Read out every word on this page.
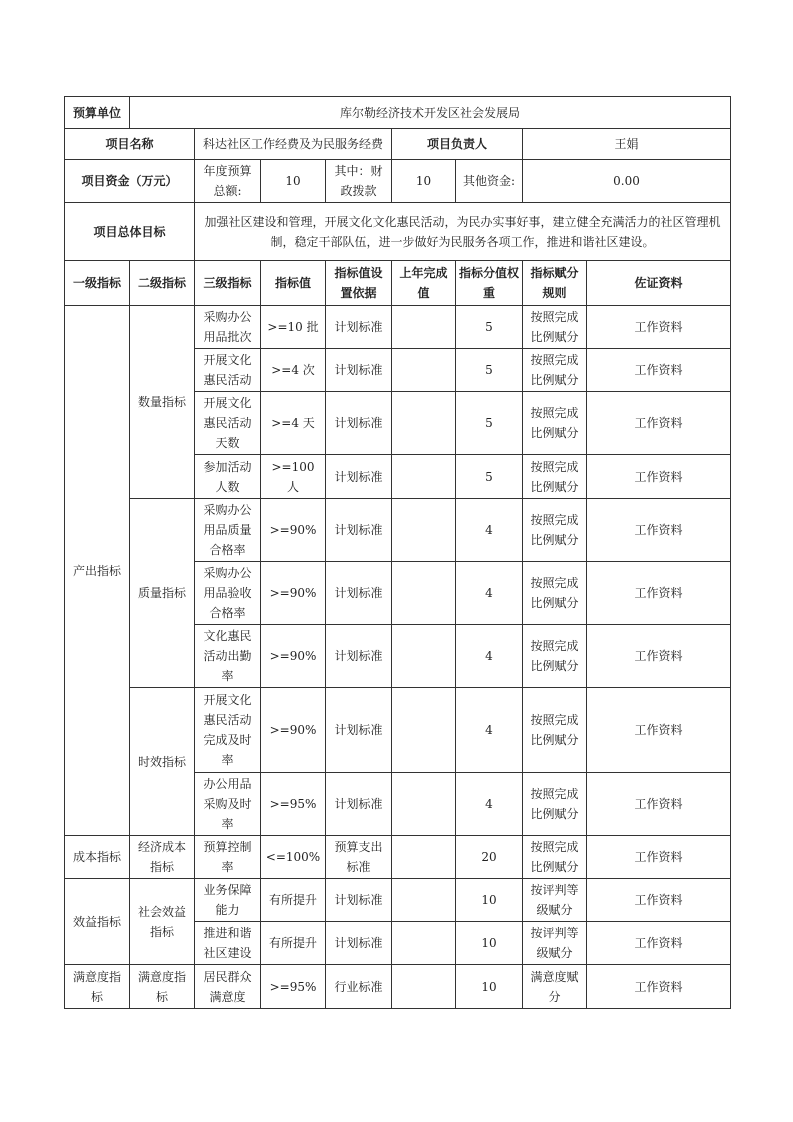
预算单位	库尔勒经济技术开发区社会发展局							
项目名称		科达社区工作经费及为民服务经费			项目负责人		王娟	
项目资金（万元）		年度预算总额:	10	其中：财政拨款	10	其他资金:	0.00	
项目总体目标		加强社区建设和管理，开展文化文化惠民活动，为民办实事好事，建立健全充满活力的社区管理机制，稳定干部队伍，进一步做好为民服务各项工作，推进和谐社区建设。						
一级指标	二级指标	三级指标	指标值	指标值设置依据	上年完成值	指标分值权重	指标赋分规则	佐证资料
产出指标	数量指标	采购办公用品批次	>=10 批	计划标准		5	按照完成比例赋分	工作资料
		开展文化惠民活动	>=4 次	计划标准		5	按照完成比例赋分	工作资料
		开展文化惠民活动天数	>=4 天	计划标准		5	按照完成比例赋分	工作资料
		参加活动人数	>=100 人	计划标准		5	按照完成比例赋分	工作资料
	质量指标	采购办公用品质量合格率	>=90%	计划标准		4	按照完成比例赋分	工作资料
		采购办公用品验收合格率	>=90%	计划标准		4	按照完成比例赋分	工作资料
		文化惠民活动出勤率	>=90%	计划标准		4	按照完成比例赋分	工作资料
	时效指标	开展文化惠民活动完成及时率	>=90%	计划标准		4	按照完成比例赋分	工作资料
		办公用品采购及时率	>=95%	计划标准		4	按照完成比例赋分	工作资料
成本指标	经济成本指标	预算控制率	<=100%	预算支出标准		20	按照完成比例赋分	工作资料
效益指标	社会效益指标	业务保障能力	有所提升	计划标准		10	按评判等级赋分	工作资料
		推进和谐社区建设	有所提升	计划标准		10	按评判等级赋分	工作资料
满意度指标	满意度指标	居民群众满意度	>=95%	行业标准		10	满意度赋分	工作资料
